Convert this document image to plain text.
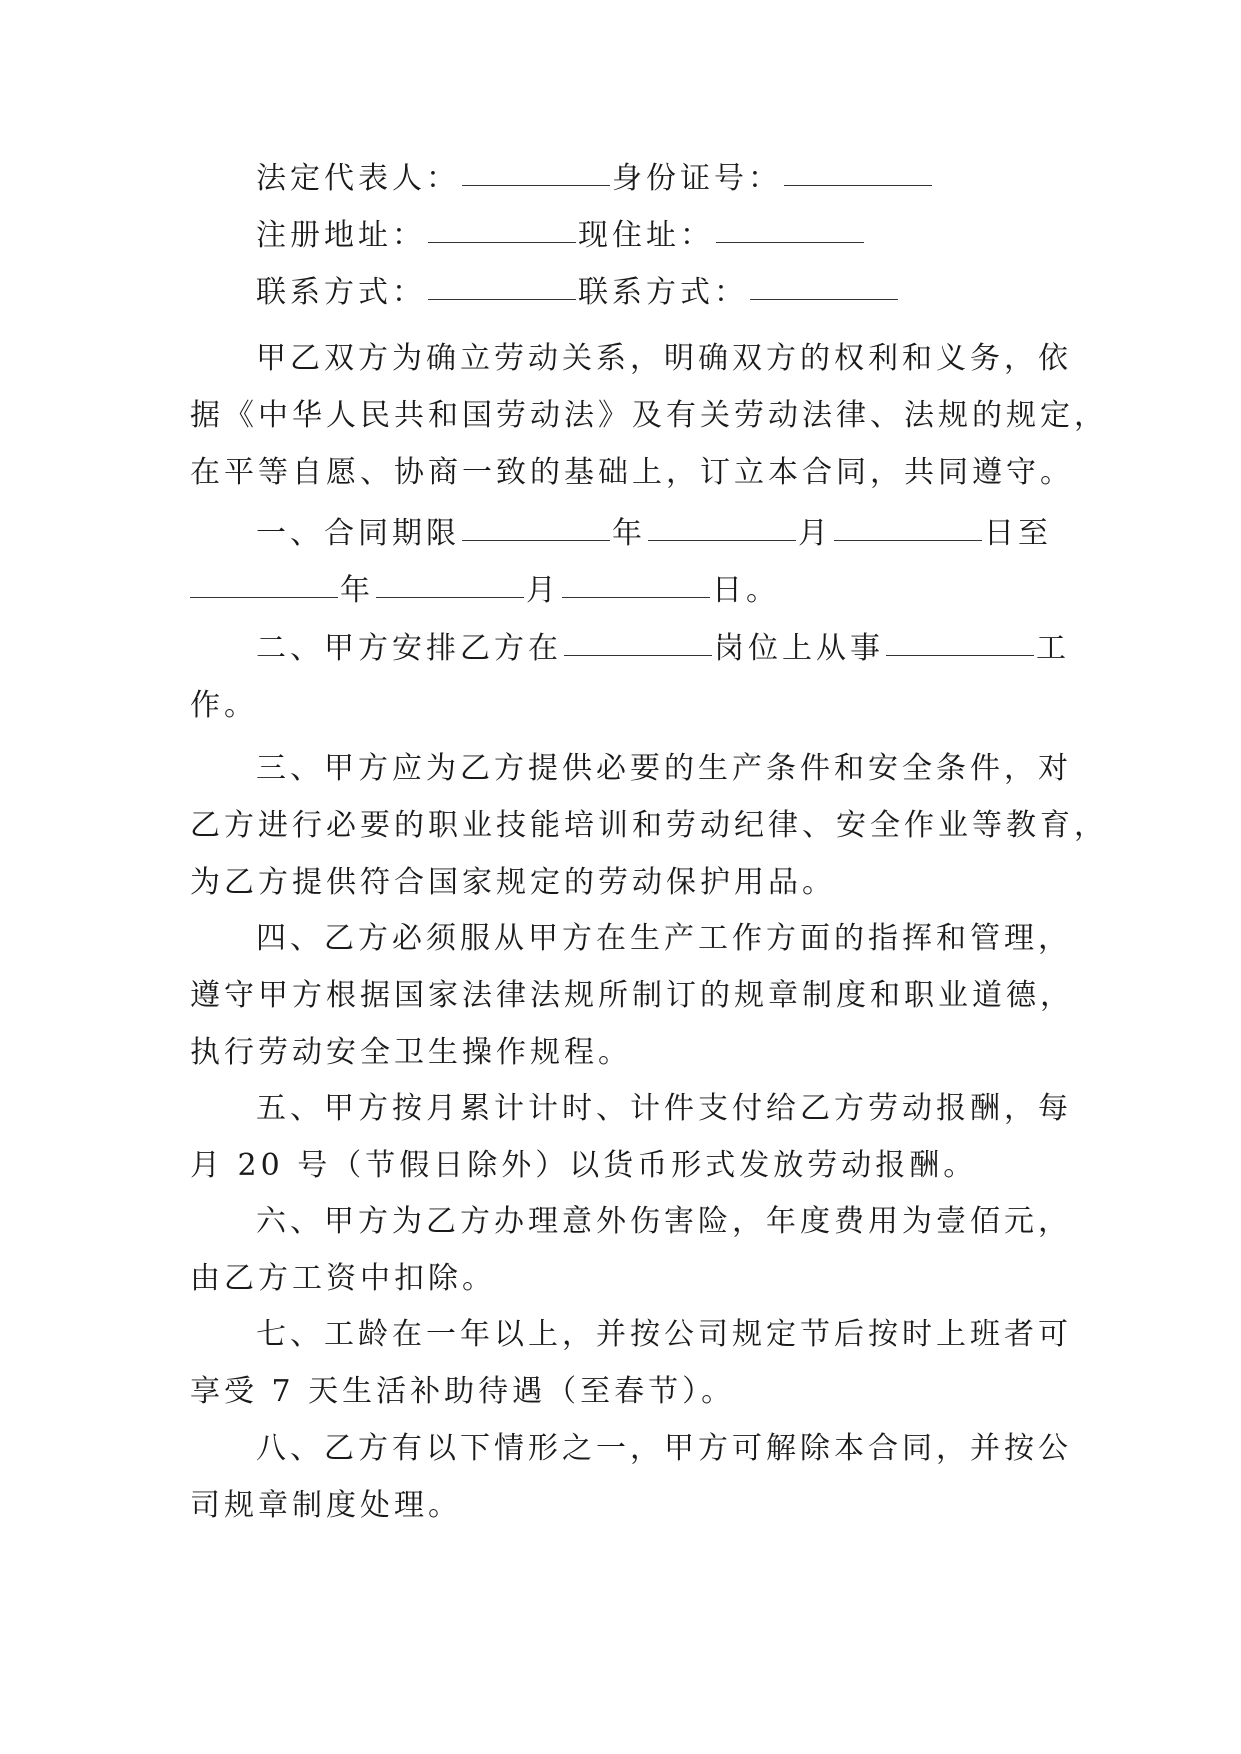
法定代表人：	身份证号：
注册地址：	现住址：
联系方式：	联系方式：
甲乙双方为确立劳动关系，明确双方的权利和义务，依
据《中华人民共和国劳动法》及有关劳动法律、法规的规定，
在平等自愿、协商一致的基础上，订立本合同，共同遵守。
一、合同期限	年	月	日至
年	月	日。
二、甲方安排乙方在	岗位上从事	工
作。
三、甲方应为乙方提供必要的生产条件和安全条件，对
乙方进行必要的职业技能培训和劳动纪律、安全作业等教育，
为乙方提供符合国家规定的劳动保护用品。
四、乙方必须服从甲方在生产工作方面的指挥和管理，
遵守甲方根据国家法律法规所制订的规章制度和职业道德，
执行劳动安全卫生操作规程。
五、甲方按月累计计时、计件支付给乙方劳动报酬，每
月 20 号（节假日除外）以货币形式发放劳动报酬。
六、甲方为乙方办理意外伤害险，年度费用为壹佰元，
由乙方工资中扣除。
七、工龄在一年以上，并按公司规定节后按时上班者可
享受 7 天生活补助待遇（至春节）。
八、乙方有以下情形之一，甲方可解除本合同，并按公
司规章制度处理。
